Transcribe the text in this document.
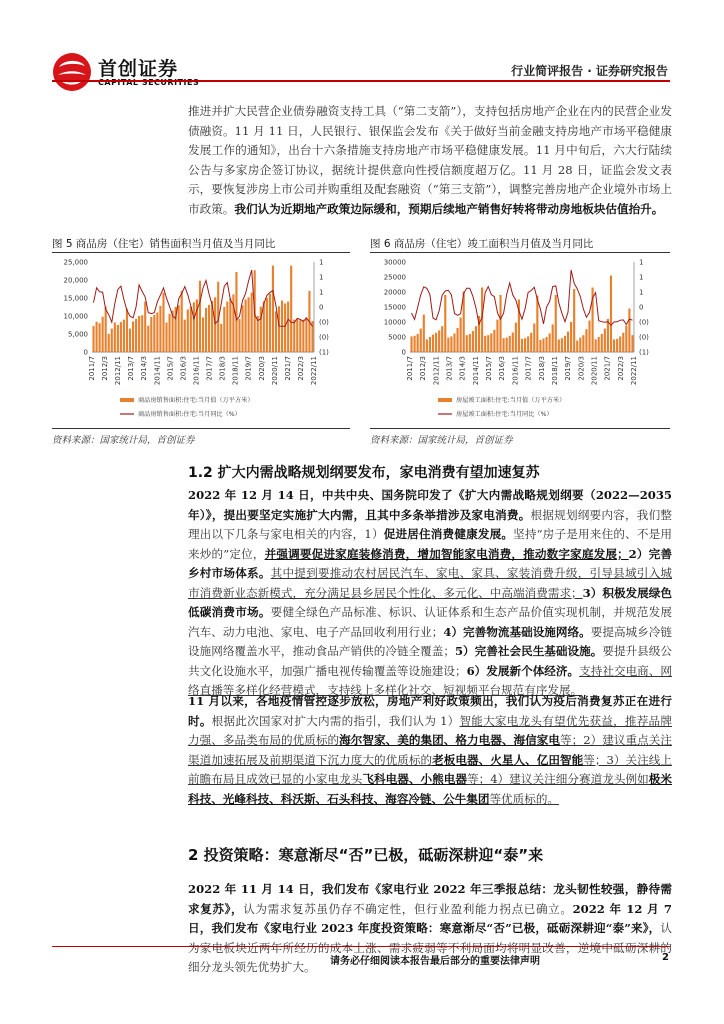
首创证券
CAPITAL SECURITIES
行业简评报告 · 证券研究报告
推进并扩大民营企业债券融资支持工具（“第二支箭”），支持包括房地产企业在内的民营企业发债融资。11 月 11 日，人民银行、银保监会发布《关于做好当前金融支持房地产市场平稳健康发展工作的通知》，出台十六条措施支持房地产市场平稳健康发展。11 月中旬后，六大行陆续公告与多家房企签订协议，据统计提供意向性授信额度超万亿。11 月 28 日，证监会发文表示，要恢复涉房上市公司并购重组及配套融资（“第三支箭”），调整完善房地产企业境外市场上市政策。我们认为近期地产政策边际缓和，预期后续地产销售好转将带动房地板块估值抬升。
图 5 商品房（住宅）销售面积当月值及当月同比
0
5,000
10,000
15,000
20,000
25,000	1
1
1
0
(0)
(0)
(1)
2011/7 2012/3 2012/11 2013/7 2014/3 2014/11 2015/7 2016/3 2016/11 2017/7 2018/3 2018/11 2019/7 2020/3 2020/11 2021/7 2022/3 2022/11
商品房销售面积:住宅:当月值（万平方米）
商品房销售面积:住宅:当月同比（%）
资料来源：国家统计局，首创证券
图 6 商品房（住宅）竣工面积当月值及当月同比
0
5000
10000
15000
20000
25000
30000	1
1
1
0
(0)
(0)
(1)
2011/7 2012/3 2012/11 2013/7 2014/3 2014/11 2015/7 2016/3 2016/11 2017/7 2018/3 2018/11 2019/7 2020/3 2020/11 2021/7 2022/3 2022/11
房屋竣工面积:住宅:当月值（万平方米）
房屋竣工面积:住宅:当月同比（%）
资料来源：国家统计局，首创证券
1.2 扩大内需战略规划纲要发布，家电消费有望加速复苏
2022 年 12 月 14 日，中共中央、国务院印发了《扩大内需战略规划纲要（2022—2035 年）》，提出要坚定实施扩大内需，且其中多条举措涉及家电消费。根据规划纲要内容，我们整理出以下几条与家电相关的内容，1）促进居住消费健康发展。坚持“房子是用来住的、不是用来炒的”定位，并强调要促进家庭装修消费，增加智能家电消费，推动数字家庭发展；2）完善乡村市场体系。其中提到要推动农村居民汽车、家电、家具、家装消费升级，引导县域引入城市消费新业态新模式，充分满足县乡居民个性化、多元化、中高端消费需求；3）积极发展绿色低碳消费市场。要健全绿色产品标准、标识、认证体系和生态产品价值实现机制，并规范发展汽车、动力电池、家电、电子产品回收利用行业；4）完善物流基础设施网络。要提高城乡冷链设施网络覆盖水平，推动食品产销供的冷链全覆盖；5）完善社会民生基础设施。要提升县级公共文化设施水平，加强广播电视传输覆盖等设施建设；6）发展新个体经济。支持社交电商、网络直播等多样化经营模式，支持线上多样化社交、短视频平台规范有序发展。
11 月以来，各地疫情管控逐步放松，房地产利好政策频出，我们认为疫后消费复苏正在进行时。根据此次国家对扩大内需的指引，我们认为 1）智能大家电龙头有望优先获益，推荐品牌力强、多品类布局的优质标的海尔智家、美的集团、格力电器、海信家电等；2）建议重点关注渠道加速拓展及前期渠道下沉力度大的优质标的老板电器、火星人、亿田智能等；3）关注线上前瞻布局且成效已显的小家电龙头飞科电器、小熊电器等；4）建议关注细分赛道龙头例如极米科技、光峰科技、科沃斯、石头科技、海容冷链、公牛集团等优质标的。
2 投资策略：寒意渐尽“否”已极，砥砺深耕迎“泰”来
2022 年 11 月 14 日，我们发布《家电行业 2022 年三季报总结：龙头韧性较强，静待需求复苏》，认为需求复苏虽仍存不确定性，但行业盈利能力拐点已确立。2022 年 12 月 7 日，我们发布《家电行业 2023 年度投资策略：寒意渐尽“否”已极，砥砺深耕迎“泰”来》，认为家电板块近两年所经历的成本上涨、需求疲弱等不利局面均将明显改善，逆境中砥砺深耕的细分龙头领先优势扩大。	请务必仔细阅读本报告最后部分的重要法律声明	2
